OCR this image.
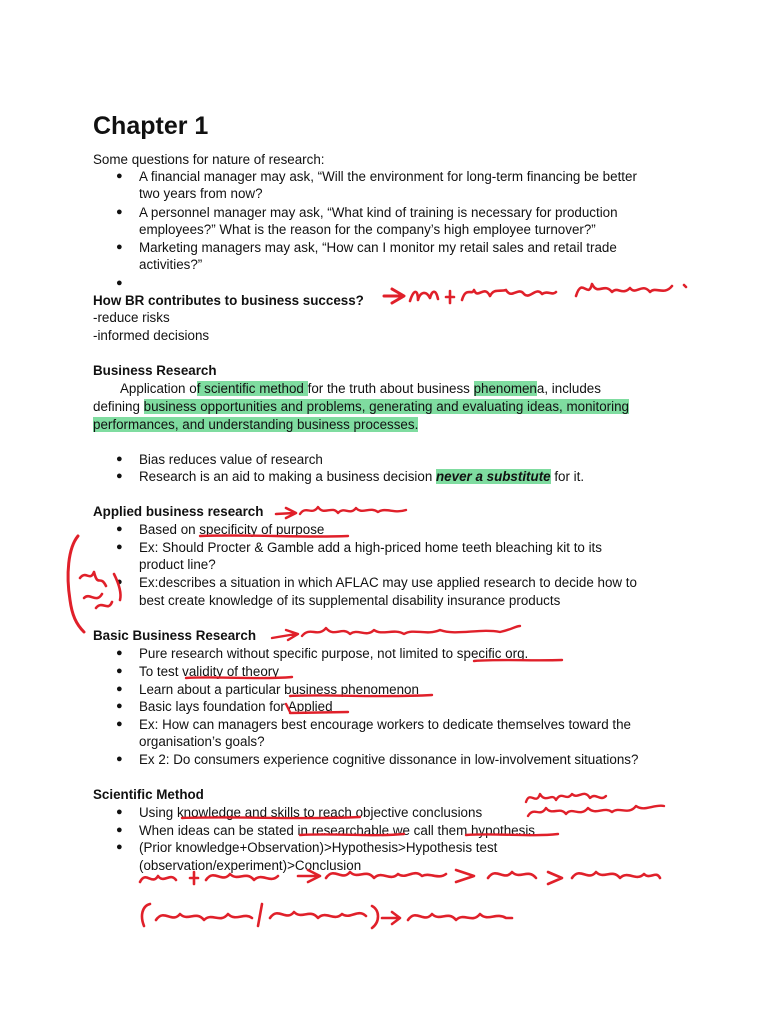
Chapter 1
Some questions for nature of research:
● A financial manager may ask, “Will the environment for long-term financing be better
two years from now?
● A personnel manager may ask, “What kind of training is necessary for production
employees?” What is the reason for the company’s high employee turnover?”
● Marketing managers may ask, “How can I monitor my retail sales and retail trade
activities?”
●
How BR contributes to business success?
-reduce risks
-informed decisions
Business Research
Application of scientific method for the truth about business phenomena, includes
defining business opportunities and problems, generating and evaluating ideas, monitoring
performances, and understanding business processes.
● Bias reduces value of research
● Research is an aid to making a business decision never a substitute for it.
Applied business research
● Based on specificity of purpose
● Ex: Should Procter & Gamble add a high-priced home teeth bleaching kit to its
product line?
● Ex:describes a situation in which AFLAC may use applied research to decide how to
best create knowledge of its supplemental disability insurance products
Basic Business Research
● Pure research without specific purpose, not limited to specific org.
● To test validity of theory
● Learn about a particular business phenomenon
● Basic lays foundation for Applied
● Ex: How can managers best encourage workers to dedicate themselves toward the
organisation’s goals?
● Ex 2: Do consumers experience cognitive dissonance in low-involvement situations?
Scientific Method
● Using knowledge and skills to reach objective conclusions
● When ideas can be stated in researchable we call them hypothesis
● (Prior knowledge+Observation)>Hypothesis>Hypothesis test
(observation/experiment)>Conclusion
